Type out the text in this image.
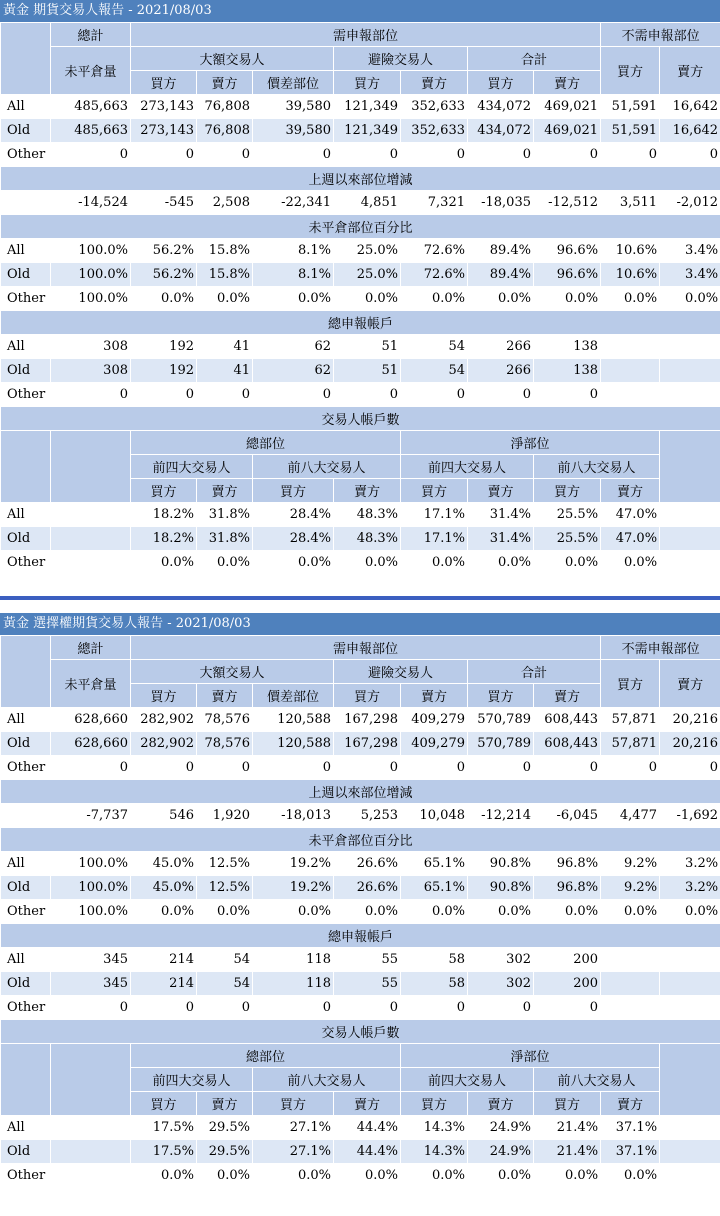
黃金 期貨交易人報告 - 2021/08/03
	總計	需申報部位							不需申報部位	
	未平倉量	大額交易人			避險交易人		合計		買方	賣方
		買方	賣方	價差部位	買方	賣方	買方	賣方		
All	485,663	273,143	76,808	39,580	121,349	352,633	434,072	469,021	51,591	16,642
Old	485,663	273,143	76,808	39,580	121,349	352,633	434,072	469,021	51,591	16,642
Other	0	0	0	0	0	0	0	0	0	0
上週以來部位增減										
	-14,524	-545	2,508	-22,341	4,851	7,321	-18,035	-12,512	3,511	-2,012
未平倉部位百分比										
All	100.0%	56.2%	15.8%	8.1%	25.0%	72.6%	89.4%	96.6%	10.6%	3.4%
Old	100.0%	56.2%	15.8%	8.1%	25.0%	72.6%	89.4%	96.6%	10.6%	3.4%
Other	100.0%	0.0%	0.0%	0.0%	0.0%	0.0%	0.0%	0.0%	0.0%	0.0%
總申報帳戶										
All	308	192	41	62	51	54	266	138		
Old	308	192	41	62	51	54	266	138		
Other	0	0	0	0	0	0	0	0		
交易人帳戶數										
		總部位				淨部位				
		前四大交易人		前八大交易人		前四大交易人		前八大交易人		
		買方	賣方	買方	賣方	買方	賣方	買方	賣方	
All		18.2%	31.8%	28.4%	48.3%	17.1%	31.4%	25.5%	47.0%	
Old		18.2%	31.8%	28.4%	48.3%	17.1%	31.4%	25.5%	47.0%	
Other		0.0%	0.0%	0.0%	0.0%	0.0%	0.0%	0.0%	0.0%	
黃金 選擇權期貨交易人報告 - 2021/08/03
	總計	需申報部位							不需申報部位	
	未平倉量	大額交易人			避險交易人		合計		買方	賣方
		買方	賣方	價差部位	買方	賣方	買方	賣方		
All	628,660	282,902	78,576	120,588	167,298	409,279	570,789	608,443	57,871	20,216
Old	628,660	282,902	78,576	120,588	167,298	409,279	570,789	608,443	57,871	20,216
Other	0	0	0	0	0	0	0	0	0	0
上週以來部位增減										
	-7,737	546	1,920	-18,013	5,253	10,048	-12,214	-6,045	4,477	-1,692
未平倉部位百分比										
All	100.0%	45.0%	12.5%	19.2%	26.6%	65.1%	90.8%	96.8%	9.2%	3.2%
Old	100.0%	45.0%	12.5%	19.2%	26.6%	65.1%	90.8%	96.8%	9.2%	3.2%
Other	100.0%	0.0%	0.0%	0.0%	0.0%	0.0%	0.0%	0.0%	0.0%	0.0%
總申報帳戶										
All	345	214	54	118	55	58	302	200		
Old	345	214	54	118	55	58	302	200		
Other	0	0	0	0	0	0	0	0		
交易人帳戶數										
		總部位				淨部位				
		前四大交易人		前八大交易人		前四大交易人		前八大交易人		
		買方	賣方	買方	賣方	買方	賣方	買方	賣方	
All		17.5%	29.5%	27.1%	44.4%	14.3%	24.9%	21.4%	37.1%	
Old		17.5%	29.5%	27.1%	44.4%	14.3%	24.9%	21.4%	37.1%	
Other		0.0%	0.0%	0.0%	0.0%	0.0%	0.0%	0.0%	0.0%	
